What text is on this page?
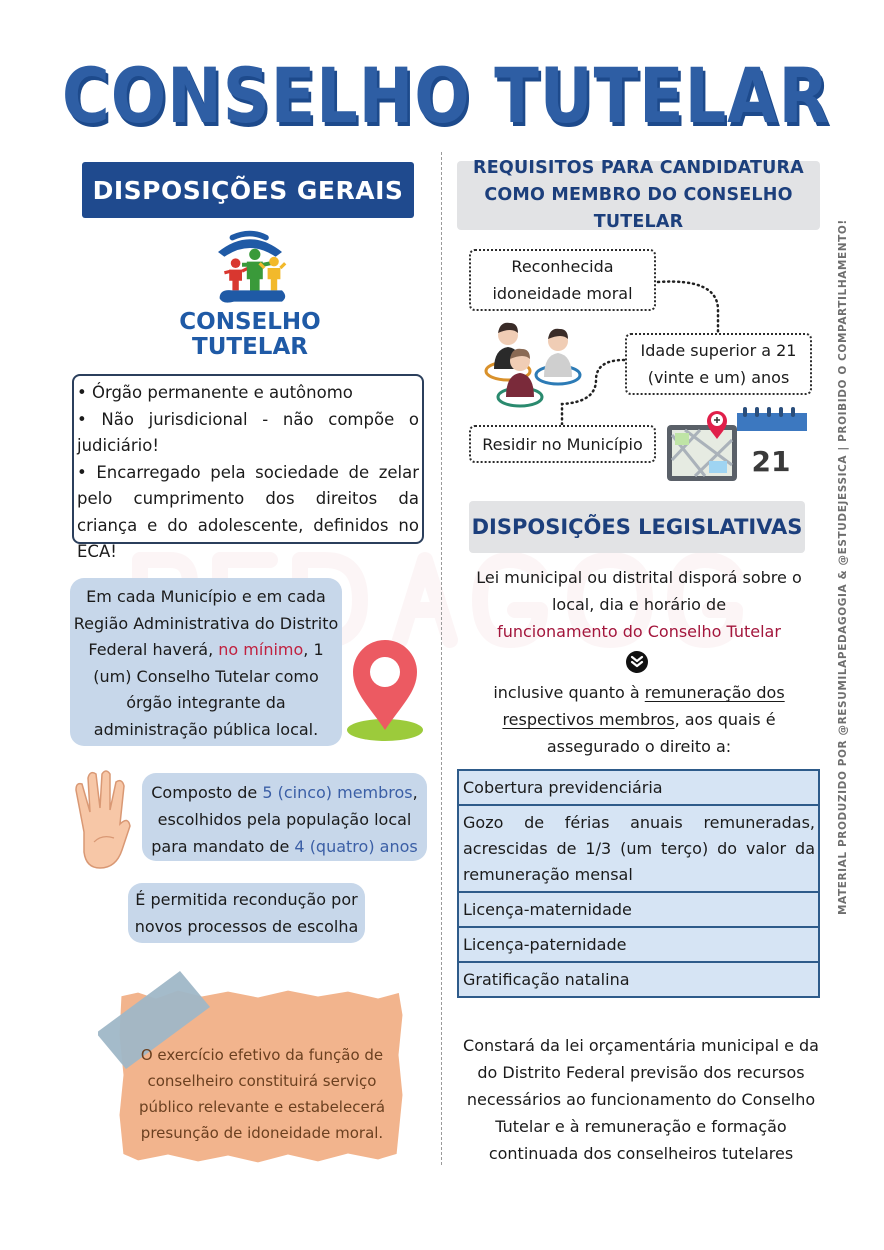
CONSELHO TUTELAR
DISPOSIÇÕES GERAIS
CONSELHO
TUTELAR

• Órgão permanente e autônomo

• Não jurisdicional - não compõe o judiciário!

• Encarregado pela sociedade de zelar pelo cumprimento dos direitos da criança e do adolescente, definidos no ECA!

Em cada Município e em cada Região Administrativa do Distrito Federal haverá, no mínimo, 1 (um) Conselho Tutelar como órgão integrante da administração pública local.
Composto de 5 (cinco) membros, escolhidos pela população local para mandato de 4 (quatro) anos
É permitida recondução por novos processos de escolha
O exercício efetivo da função de conselheiro constituirá serviço público relevante e estabelecerá presunção de idoneidade moral.
REQUISITOS PARA CANDIDATURA
COMO MEMBRO DO CONSELHO TUTELAR
Reconhecida
idoneidade moral
Idade superior a 21
(vinte e um) anos
Residir no Município
21
DISPOSIÇÕES LEGISLATIVAS
Lei municipal ou distrital disporá sobre o local, dia e horário de
funcionamento do Conselho Tutelar
inclusive quanto à remuneração dos respectivos membros, aos quais é assegurado o direito a:
Cobertura previdenciária
Gozo de férias anuais remuneradas, acrescidas de 1/3 (um terço) do valor da remuneração mensal
Licença-maternidade
Licença-paternidade
Gratificação natalina
Constará da lei orçamentária municipal e da do Distrito Federal previsão dos recursos necessários ao funcionamento do Conselho Tutelar e à remuneração e formação continuada dos conselheiros tutelares
MATERIAL PRODUZIDO POR @RESUMILAPEDAGOGIA & @ESTUDEJESSICA | PROIBIDO O COMPARTILHAMENTO!
